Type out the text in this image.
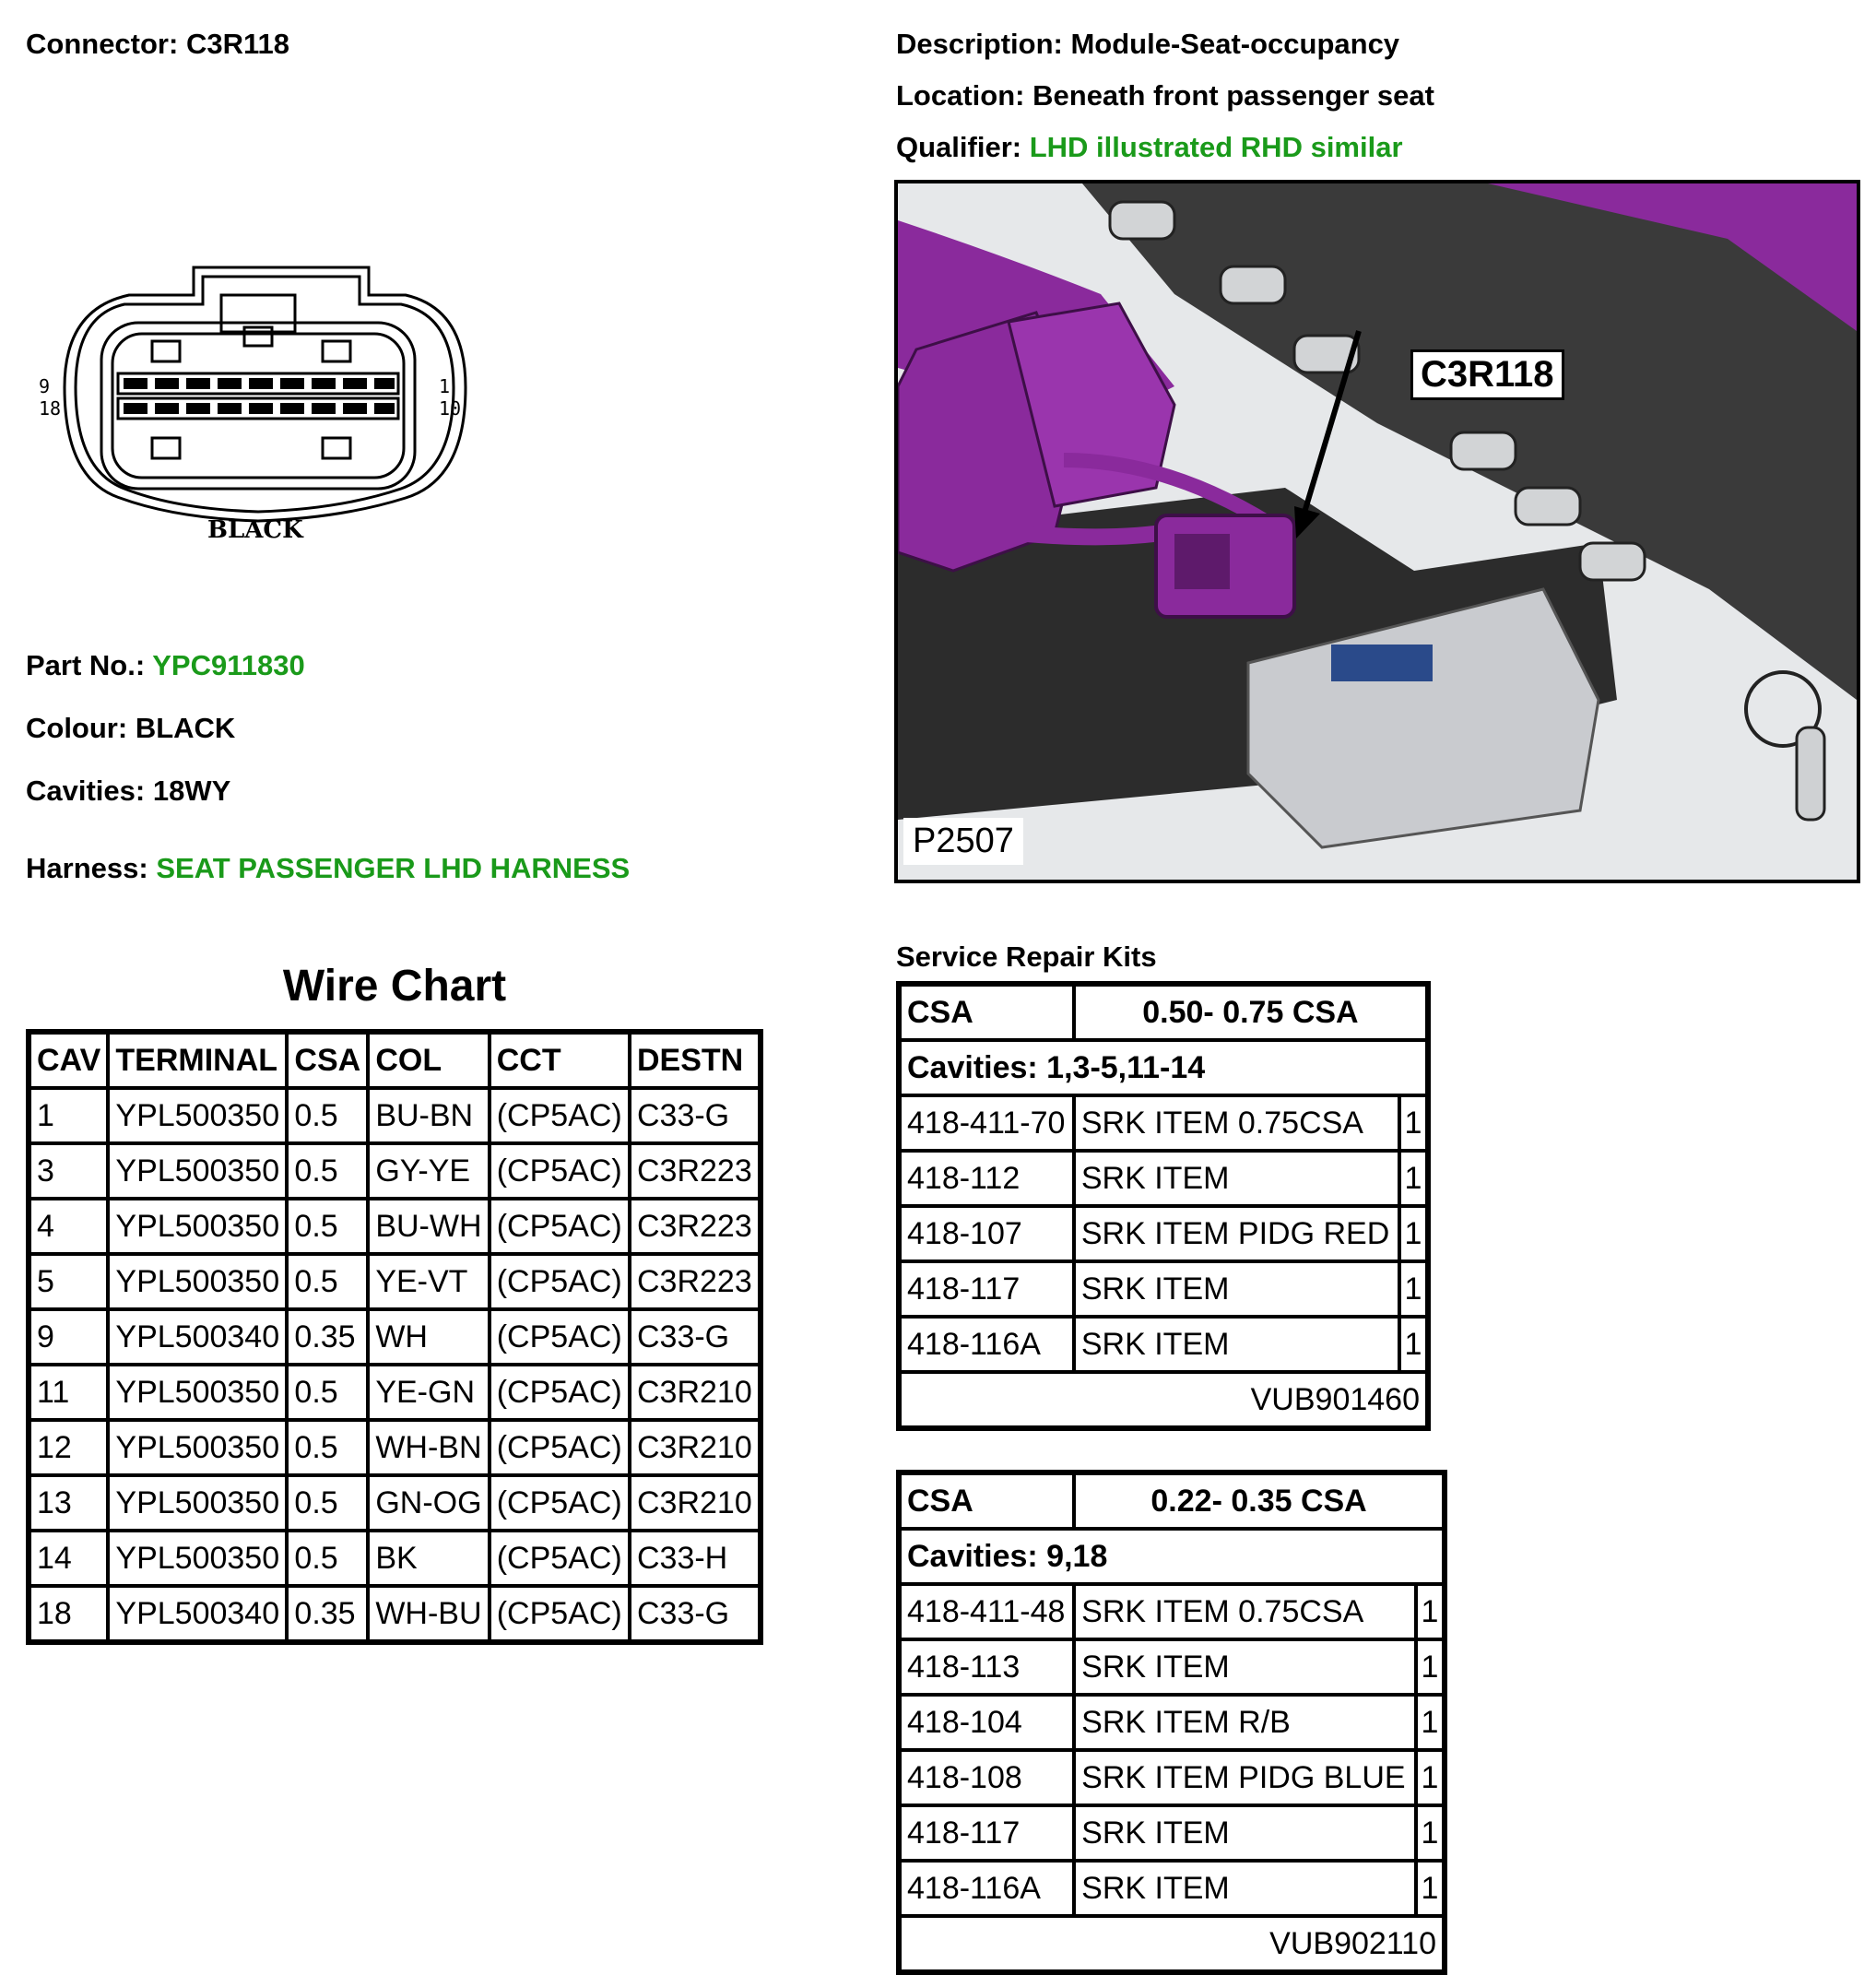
Connector: C3R118	Description: Module-Seat-occupancy
Location: Beneath front passenger seat
Qualifier: LHD illustrated RHD similar
9
18
1
10
BLACK
Part No.: YPC911830
Colour: BLACK
Cavities: 18WY
Harness: SEAT PASSENGER LHD HARNESS
C3R118
P2507
Wire Chart
CAV	TERMINAL	CSA	COL	CCT	DESTN
1	YPL500350	0.5	BU-BN	(CP5AC)	C33-G
3	YPL500350	0.5	GY-YE	(CP5AC)	C3R223
4	YPL500350	0.5	BU-WH	(CP5AC)	C3R223
5	YPL500350	0.5	YE-VT	(CP5AC)	C3R223
9	YPL500340	0.35	WH	(CP5AC)	C33-G
11	YPL500350	0.5	YE-GN	(CP5AC)	C3R210
12	YPL500350	0.5	WH-BN	(CP5AC)	C3R210
13	YPL500350	0.5	GN-OG	(CP5AC)	C3R210
14	YPL500350	0.5	BK	(CP5AC)	C33-H
18	YPL500340	0.35	WH-BU	(CP5AC)	C33-G
Service Repair Kits
CSA	0.50- 0.75 CSA	
Cavities: 1,3-5,11-14		
418-411-70	SRK ITEM 0.75CSA	1
418-112	SRK ITEM	1
418-107	SRK ITEM PIDG RED	1
418-117	SRK ITEM	1
418-116A	SRK ITEM	1
VUB901460		
CSA	0.22- 0.35 CSA	
Cavities: 9,18		
418-411-48	SRK ITEM 0.75CSA	1
418-113	SRK ITEM	1
418-104	SRK ITEM R/B	1
418-108	SRK ITEM PIDG BLUE	1
418-117	SRK ITEM	1
418-116A	SRK ITEM	1
VUB902110		
